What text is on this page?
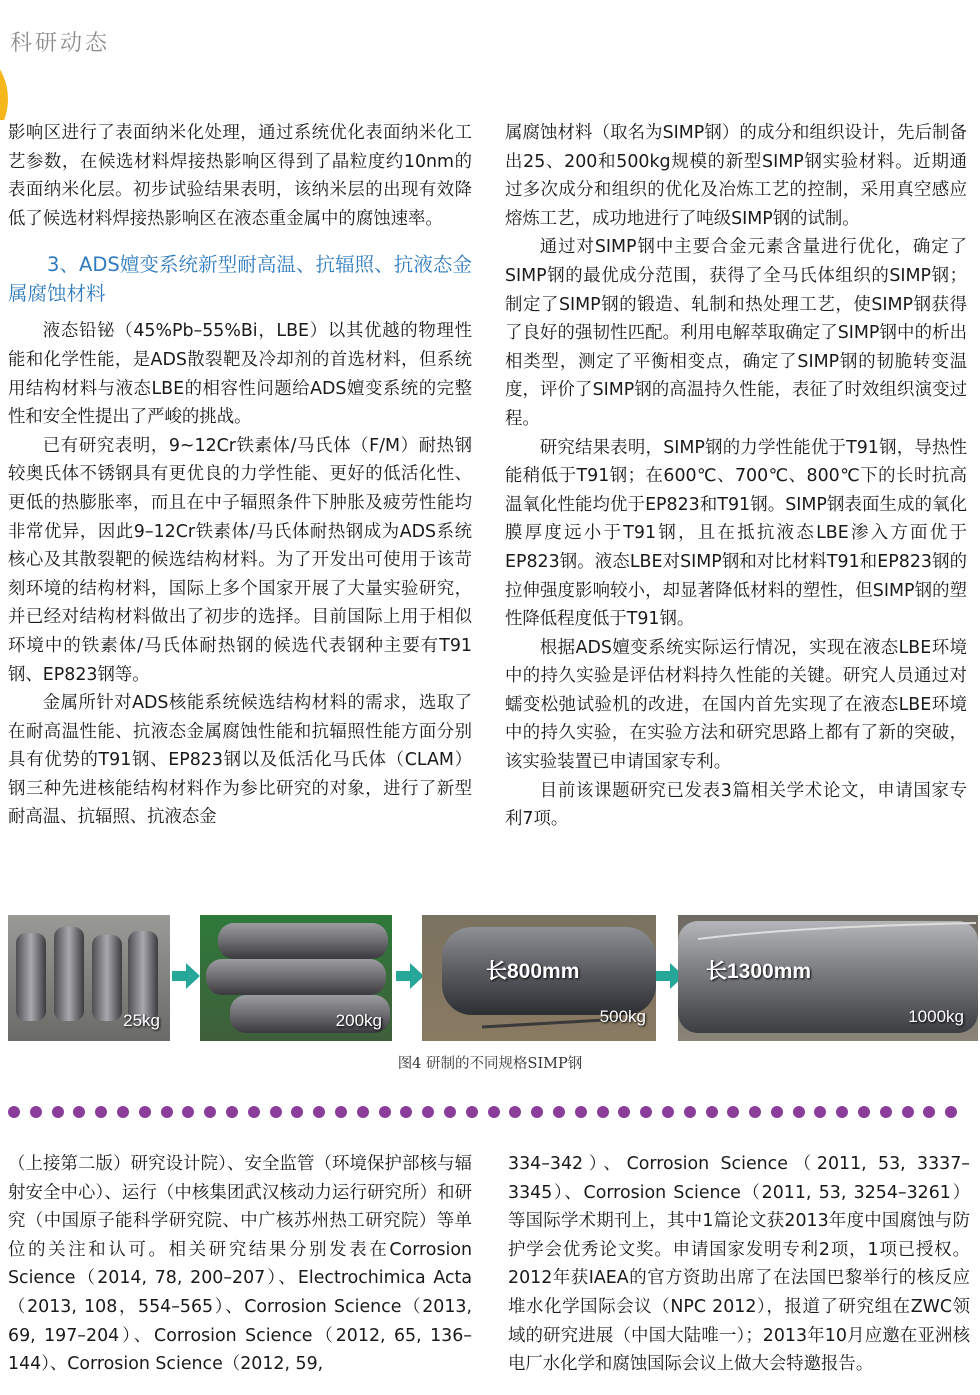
科研动态

影响区进行了表面纳米化处理，通过系统优化表面纳米化工艺参数，在候选材料焊接热影响区得到了晶粒度约10nm的表面纳米化层。初步试验结果表明，该纳米层的出现有效降低了候选材料焊接热影响区在液态重金属中的腐蚀速率。

3、ADS嬗变系统新型耐高温、抗辐照、抗液态金属腐蚀材料

液态铅铋（45%Pb–55%Bi，LBE）以其优越的物理性能和化学性能，是ADS散裂靶及冷却剂的首选材料，但系统用结构材料与液态LBE的相容性问题给ADS嬗变系统的完整性和安全性提出了严峻的挑战。

已有研究表明，9~12Cr铁素体/马氏体（F/M）耐热钢较奥氏体不锈钢具有更优良的力学性能、更好的低活化性、更低的热膨胀率，而且在中子辐照条件下肿胀及疲劳性能均非常优异，因此9–12Cr铁素体/马氏体耐热钢成为ADS系统核心及其散裂靶的候选结构材料。为了开发出可使用于该苛刻环境的结构材料，国际上多个国家开展了大量实验研究，并已经对结构材料做出了初步的选择。目前国际上用于相似环境中的铁素体/马氏体耐热钢的候选代表钢种主要有T91钢、EP823钢等。

金属所针对ADS核能系统候选结构材料的需求，选取了在耐高温性能、抗液态金属腐蚀性能和抗辐照性能方面分别具有优势的T91钢、EP823钢以及低活化马氏体（CLAM）钢三种先进核能结构材料作为参比研究的对象，进行了新型耐高温、抗辐照、抗液态金

属腐蚀材料（取名为SIMP钢）的成分和组织设计，先后制备出25、200和500kg规模的新型SIMP钢实验材料。近期通过多次成分和组织的优化及冶炼工艺的控制，采用真空感应熔炼工艺，成功地进行了吨级SIMP钢的试制。

通过对SIMP钢中主要合金元素含量进行优化，确定了SIMP钢的最优成分范围，获得了全马氏体组织的SIMP钢；制定了SIMP钢的锻造、轧制和热处理工艺，使SIMP钢获得了良好的强韧性匹配。利用电解萃取确定了SIMP钢中的析出相类型，测定了平衡相变点，确定了SIMP钢的韧脆转变温度，评价了SIMP钢的高温持久性能，表征了时效组织演变过程。

研究结果表明，SIMP钢的力学性能优于T91钢，导热性能稍低于T91钢；在600℃、700℃、800℃下的长时抗高温氧化性能均优于EP823和T91钢。SIMP钢表面生成的氧化膜厚度远小于T91钢，且在抵抗液态LBE渗入方面优于EP823钢。液态LBE对SIMP钢和对比材料T91和EP823钢的拉伸强度影响较小，却显著降低材料的塑性，但SIMP钢的塑性降低程度低于T91钢。

根据ADS嬗变系统实际运行情况，实现在液态LBE环境中的持久实验是评估材料持久性能的关键。研究人员通过对蠕变松弛试验机的改进，在国内首先实现了在液态LBE环境中的持久实验，在实验方法和研究思路上都有了新的突破，该实验装置已申请国家专利。

目前该课题研究已发表3篇相关学术论文，申请国家专利7项。

25kg	200kg
长800mm
500kg
长1300mm
1000kg
图4 研制的不同规格SIMP钢

（上接第二版）研究设计院）、安全监管（环境保护部核与辐射安全中心）、运行（中核集团武汉核动力运行研究所）和研究（中国原子能科学研究院、中广核苏州热工研究院）等单位的关注和认可。相关研究结果分别发表在Corrosion Science（2014, 78, 200–207）、Electrochimica Acta（2013, 108，554–565）、Corrosion Science（2013, 69, 197–204）、Corrosion Science（2012, 65, 136–144）、Corrosion Science（2012, 59,

334–342）、Corrosion Science（2011, 53, 3337–3345）、Corrosion Science（2011, 53, 3254–3261）等国际学术期刊上，其中1篇论文获2013年度中国腐蚀与防护学会优秀论文奖。申请国家发明专利2项，1项已授权。2012年获IAEA的官方资助出席了在法国巴黎举行的核反应堆水化学国际会议（NPC 2012），报道了研究组在ZWC领域的研究进展（中国大陆唯一）；2013年10月应邀在亚洲核电厂水化学和腐蚀国际会议上做大会特邀报告。
